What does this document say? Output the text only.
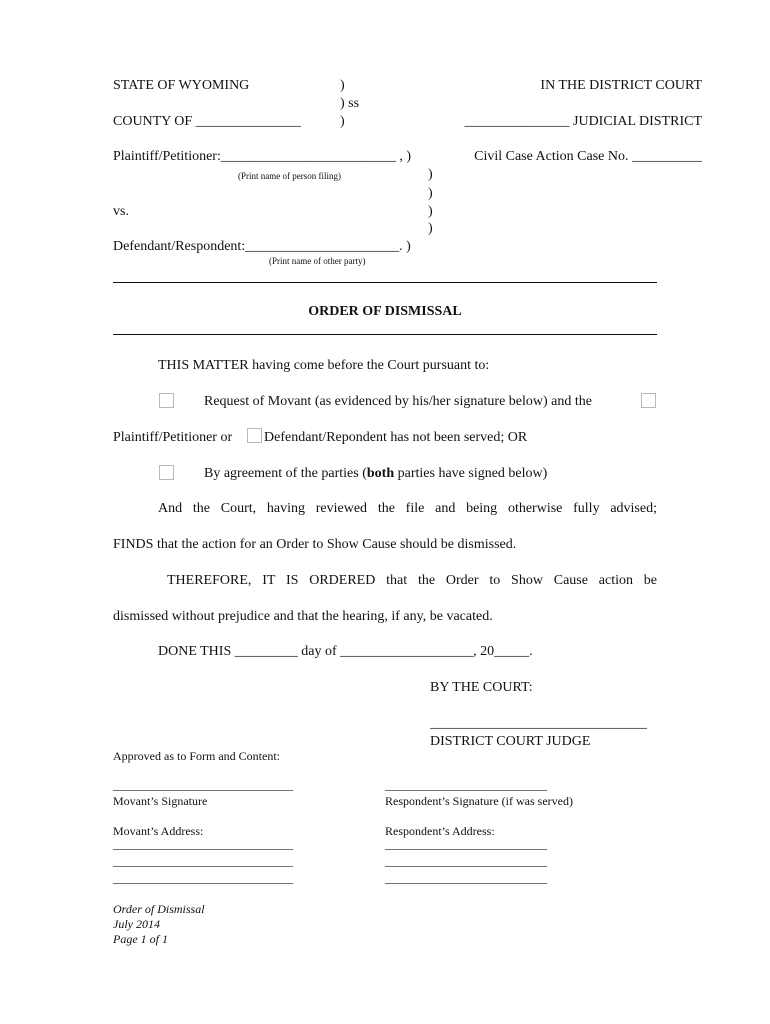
STATE OF WYOMING	)
) ss
)
COUNTY OF _______________
IN THE DISTRICT COURT
_______________ JUDICIAL DISTRICT
Plaintiff/Petitioner:_________________________ , )
(Print name of person filing)
Civil Case Action Case No. __________
)
)
vs.	)
)
Defendant/Respondent:______________________. )
(Print name of other party)
ORDER OF DISMISSAL
THIS MATTER having come before the Court pursuant to:
Request of Movant (as evidenced by his/her signature below) and the
Plaintiff/Petitioner or Defendant/Repondent has not been served; OR
By agreement of the parties (both parties have signed below)
And the Court, having reviewed the file and being otherwise fully advised;
FINDS that the action for an Order to Show Cause should be dismissed.
THEREFORE, IT IS ORDERED that the Order to Show Cause action be
dismissed without prejudice and that the hearing, if any, be vacated.
DONE THIS _________ day of ___________________, 20_____.
BY THE COURT:
_______________________________
DISTRICT COURT JUDGE
Approved as to Form and Content:
______________________________
Movant’s Signature
___________________________
Respondent’s Signature (if was served)
Movant’s Address:	Respondent’s Address:
______________________________
______________________________
______________________________
___________________________
___________________________
___________________________
Order of Dismissal
July 2014
Page 1 of 1
